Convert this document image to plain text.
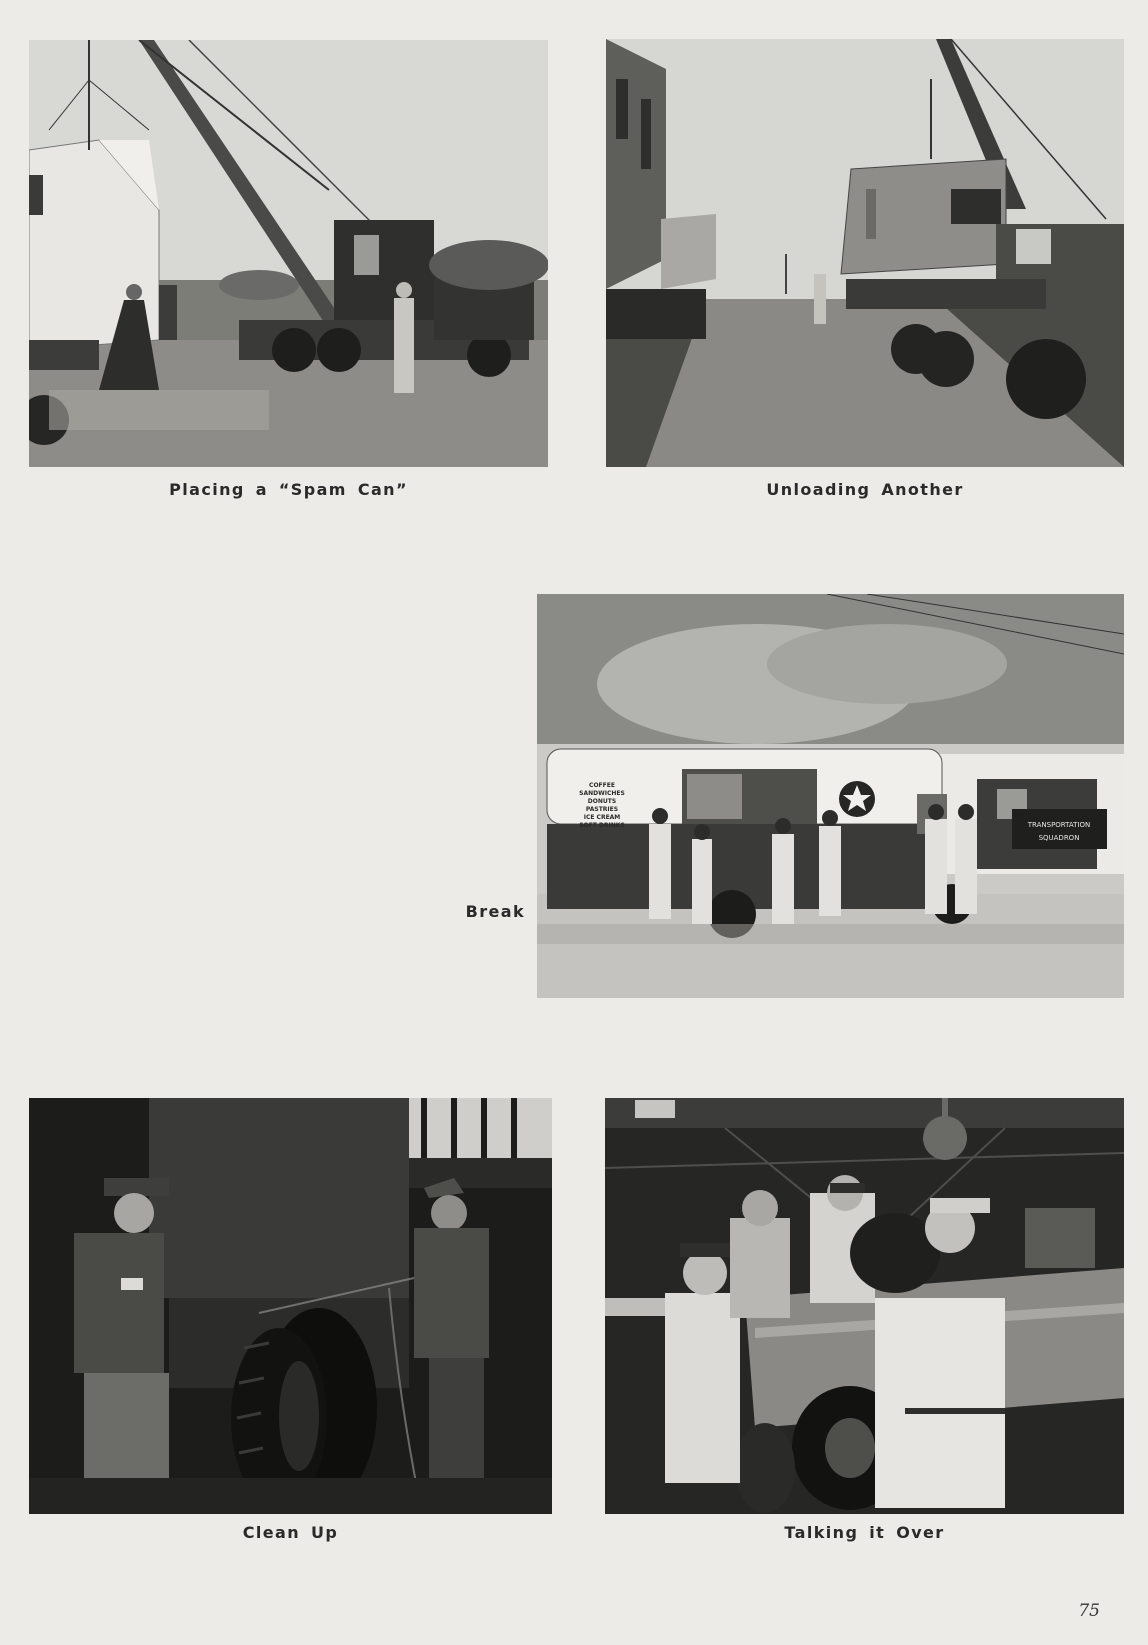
Placing a “Spam Can”	Unloading Another
TRANSPORTATION
SQUADRON
COFFEE
SANDWICHES
DONUTS
PASTRIES
ICE CREAM
SOFT DRINKS
Break
Clean Up	Talking it Over
75
